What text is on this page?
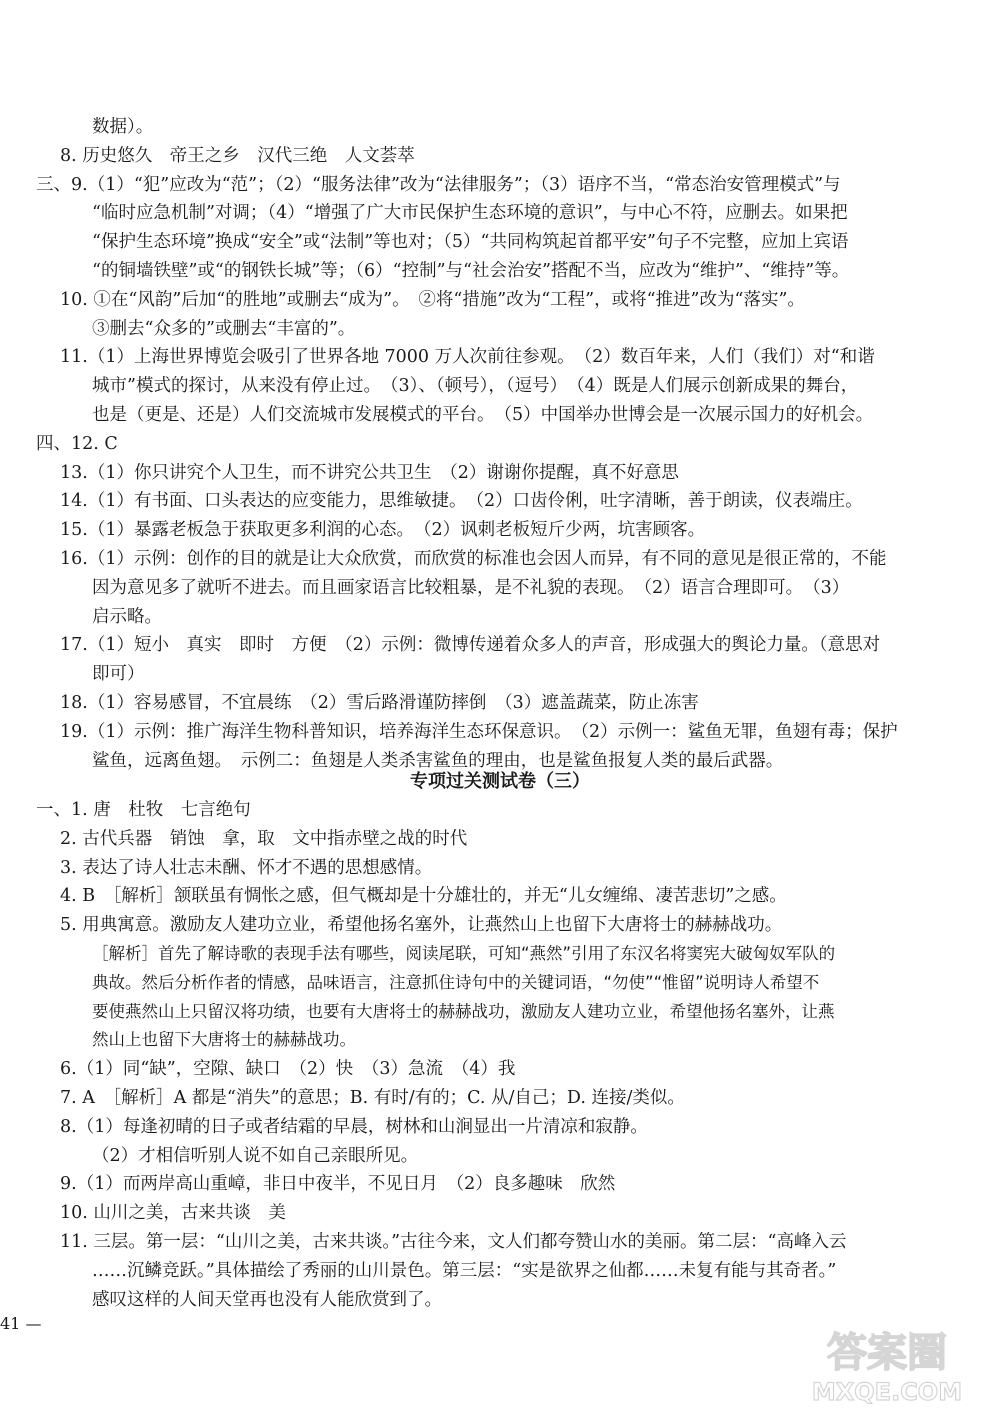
数据）。
8. 历史悠久　帝王之乡　汉代三绝　人文荟萃
三、9.（1）“犯”应改为“范”；（2）“服务法律”改为“法律服务”；（3）语序不当，“常态治安管理模式”与
“临时应急机制”对调；（4）“增强了广大市民保护生态环境的意识”，与中心不符，应删去。如果把
“保护生态环境”换成“安全”或“法制”等也对；（5）“共同构筑起首都平安”句子不完整，应加上宾语
“的铜墙铁壁”或“的钢铁长城”等；（6）“控制”与“社会治安”搭配不当，应改为“维护”、“维持”等。
10. ①在“风韵”后加“的胜地”或删去“成为”。　②将“措施”改为“工程”，或将“推进”改为“落实”。
③删去“众多的”或删去“丰富的”。
11.（1）上海世界博览会吸引了世界各地 7000 万人次前往参观。　（2）数百年来，人们（我们）对“和谐
城市”模式的探讨，从来没有停止过。　（3）、（顿号），（逗号）　（4）既是人们展示创新成果的舞台，
也是（更是、还是）人们交流城市发展模式的平台。　（5）中国举办世博会是一次展示国力的好机会。
四、12. C
13.（1）你只讲究个人卫生，而不讲究公共卫生　（2）谢谢你提醒，真不好意思
14.（1）有书面、口头表达的应变能力，思维敏捷。　（2）口齿伶俐，吐字清晰，善于朗读，仪表端庄。
15.（1）暴露老板急于获取更多利润的心态。　（2）讽刺老板短斤少两，坑害顾客。
16.（1）示例：创作的目的就是让大众欣赏，而欣赏的标准也会因人而异，有不同的意见是很正常的，不能
因为意见多了就听不进去。而且画家语言比较粗暴，是不礼貌的表现。　（2）语言合理即可。　（3）
启示略。
17.（1）短小　真实　即时　方便　（2）示例：微博传递着众多人的声音，形成强大的舆论力量。（意思对
即可）
18.（1）容易感冒，不宜晨练　（2）雪后路滑谨防摔倒　（3）遮盖蔬菜，防止冻害
19.（1）示例：推广海洋生物科普知识，培养海洋生态环保意识。　（2）示例一：鲨鱼无罪，鱼翅有毒；保护
鲨鱼，远离鱼翅。　示例二：鱼翅是人类杀害鲨鱼的理由，也是鲨鱼报复人类的最后武器。
专项过关测试卷（三）
一、1. 唐　杜牧　七言绝句
2. 古代兵器　销蚀　拿，取　文中指赤壁之战的时代
3. 表达了诗人壮志未酬、怀才不遇的思想感情。
4. B　［解析］颔联虽有惆怅之感，但气概却是十分雄壮的，并无“儿女缠绵、凄苦悲切”之感。
5. 用典寓意。激励友人建功立业，希望他扬名塞外，让燕然山上也留下大唐将士的赫赫战功。
［解析］首先了解诗歌的表现手法有哪些，阅读尾联，可知“燕然”引用了东汉名将窦宪大破匈奴军队的
典故。然后分析作者的情感，品味语言，注意抓住诗句中的关键词语，“勿使”“惟留”说明诗人希望不
要使燕然山上只留汉将功绩，也要有大唐将士的赫赫战功，激励友人建功立业，希望他扬名塞外，让燕
然山上也留下大唐将士的赫赫战功。
6.（1）同“缺”，空隙、缺口　（2）快　（3）急流　（4）我
7. A　［解析］A 都是“消失”的意思；B. 有时/有的；C. 从/自己；D. 连接/类似。
8.（1）每逢初晴的日子或者结霜的早晨，树林和山涧显出一片清凉和寂静。
（2）才相信听别人说不如自己亲眼所见。
9.（1）而两岸高山重嶂，非日中夜半，不见日月　（2）良多趣味　欣然
10. 山川之美，古来共谈　美
11. 三层。第一层：“山川之美，古来共谈。”古往今来，文人们都夸赞山水的美丽。第二层：“高峰入云
……沉鳞竞跃。”具体描绘了秀丽的山川景色。第三层：“实是欲界之仙都……未复有能与其奇者。”
感叹这样的人间天堂再也没有人能欣赏到了。
41 —
答案圈
MXQE.COM
